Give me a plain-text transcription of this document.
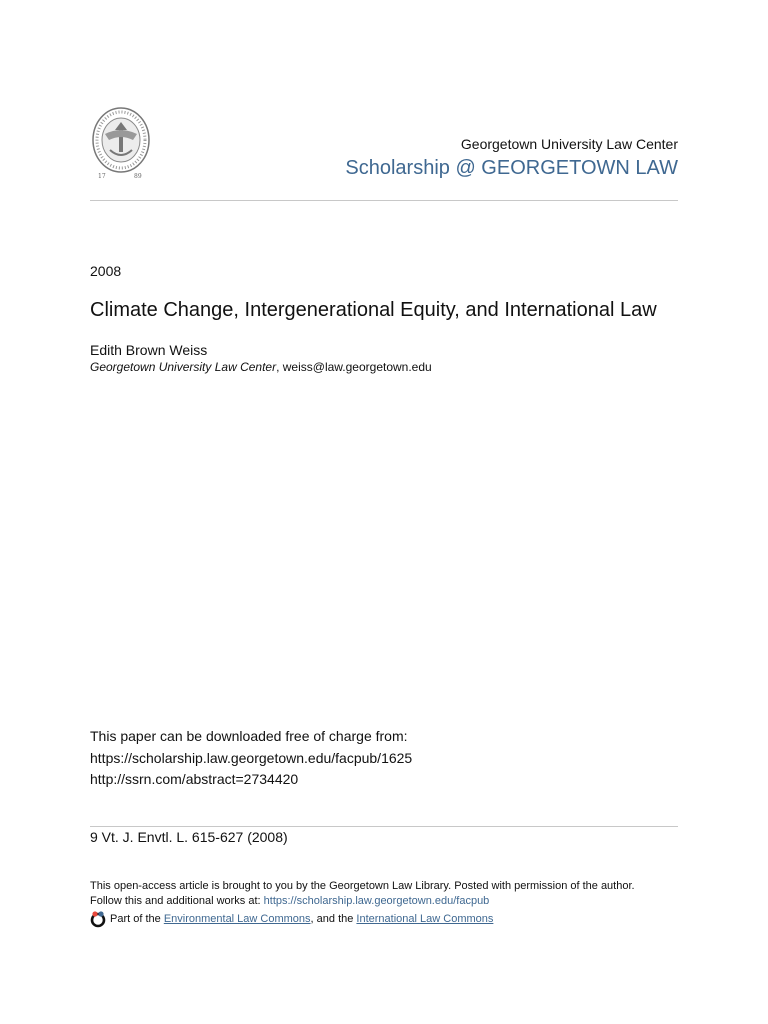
17	89
Georgetown University Law Center
Scholarship @ GEORGETOWN LAW
2008
Climate Change, Intergenerational Equity, and International Law
Edith Brown Weiss
Georgetown University Law Center, weiss@law.georgetown.edu
This paper can be downloaded free of charge from:
https://scholarship.law.georgetown.edu/facpub/1625
http://ssrn.com/abstract=2734420
9 Vt. J. Envtl. L. 615-627 (2008)
This open-access article is brought to you by the Georgetown Law Library. Posted with permission of the author.
Follow this and additional works at: https://scholarship.law.georgetown.edu/facpub
Part of the Environmental Law Commons, and the International Law Commons
